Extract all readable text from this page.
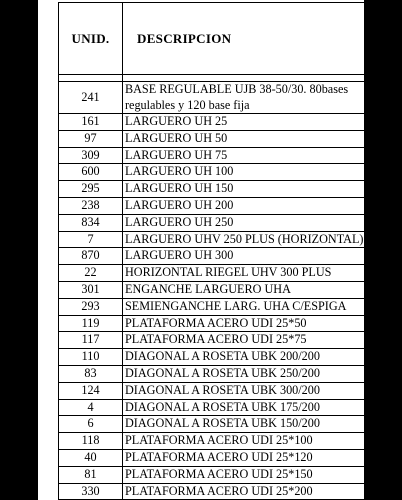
UNID.	DESCRIPCION

241	BASE REGULABLE UJB 38-50/30. 80bases regulables y 120 base fija
161	LARGUERO UH 25
97	LARGUERO UH 50
309	LARGUERO UH 75
600	LARGUERO UH 100
295	LARGUERO UH 150
238	LARGUERO UH 200
834	LARGUERO UH 250
7	LARGUERO UHV 250 PLUS (HORIZONTAL)
870	LARGUERO UH 300
22	HORIZONTAL RIEGEL UHV 300 PLUS
301	ENGANCHE LARGUERO UHA
293	SEMIENGANCHE LARG. UHA C/ESPIGA
119	PLATAFORMA ACERO UDI 25*50
117	PLATAFORMA ACERO UDI 25*75
110	DIAGONAL A ROSETA UBK 200/200
83	DIAGONAL A ROSETA UBK 250/200
124	DIAGONAL A ROSETA UBK 300/200
4	DIAGONAL A ROSETA UBK 175/200
6	DIAGONAL A ROSETA UBK 150/200
118	PLATAFORMA ACERO UDI 25*100
40	PLATAFORMA ACERO UDI 25*120
81	PLATAFORMA ACERO UDI 25*150
330	PLATAFORMA ACERO UDI 25*200
